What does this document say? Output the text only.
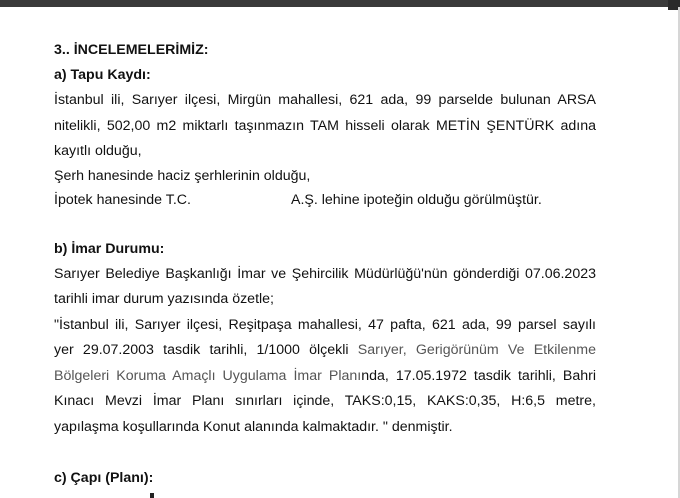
3.. İNCELEMELERİMİZ:
a) Tapu Kaydı:
İstanbul ili, Sarıyer ilçesi, Mirgün mahallesi, 621 ada, 99 parselde bulunan ARSA
nitelikli, 502,00 m2 miktarlı taşınmazın TAM hisseli olarak METİN ŞENTÜRK adına
kayıtlı olduğu,
Şerh hanesinde haciz şerhlerinin olduğu,
İpotek hanesinde T.C.	A.Ş. lehine ipoteğin olduğu görülmüştür.
b) İmar Durumu:
Sarıyer Belediye Başkanlığı İmar ve Şehircilik Müdürlüğü'nün gönderdiği 07.06.2023
tarihli imar durum yazısında özetle;
"İstanbul ili, Sarıyer ilçesi, Reşitpaşa mahallesi, 47 pafta, 621 ada, 99 parsel sayılı
yer 29.07.2003 tasdik tarihli, 1/1000 ölçekli Sarıyer, Gerigörünüm Ve Etkilenme
Bölgeleri Koruma Amaçlı Uygulama İmar Planında, 17.05.1972 tasdik tarihli, Bahri
Kınacı Mevzi İmar Planı sınırları içinde, TAKS:0,15, KAKS:0,35, H:6,5 metre,
yapılaşma koşullarında Konut alanında kalmaktadır. " denmiştir.
c) Çapı (Planı):
